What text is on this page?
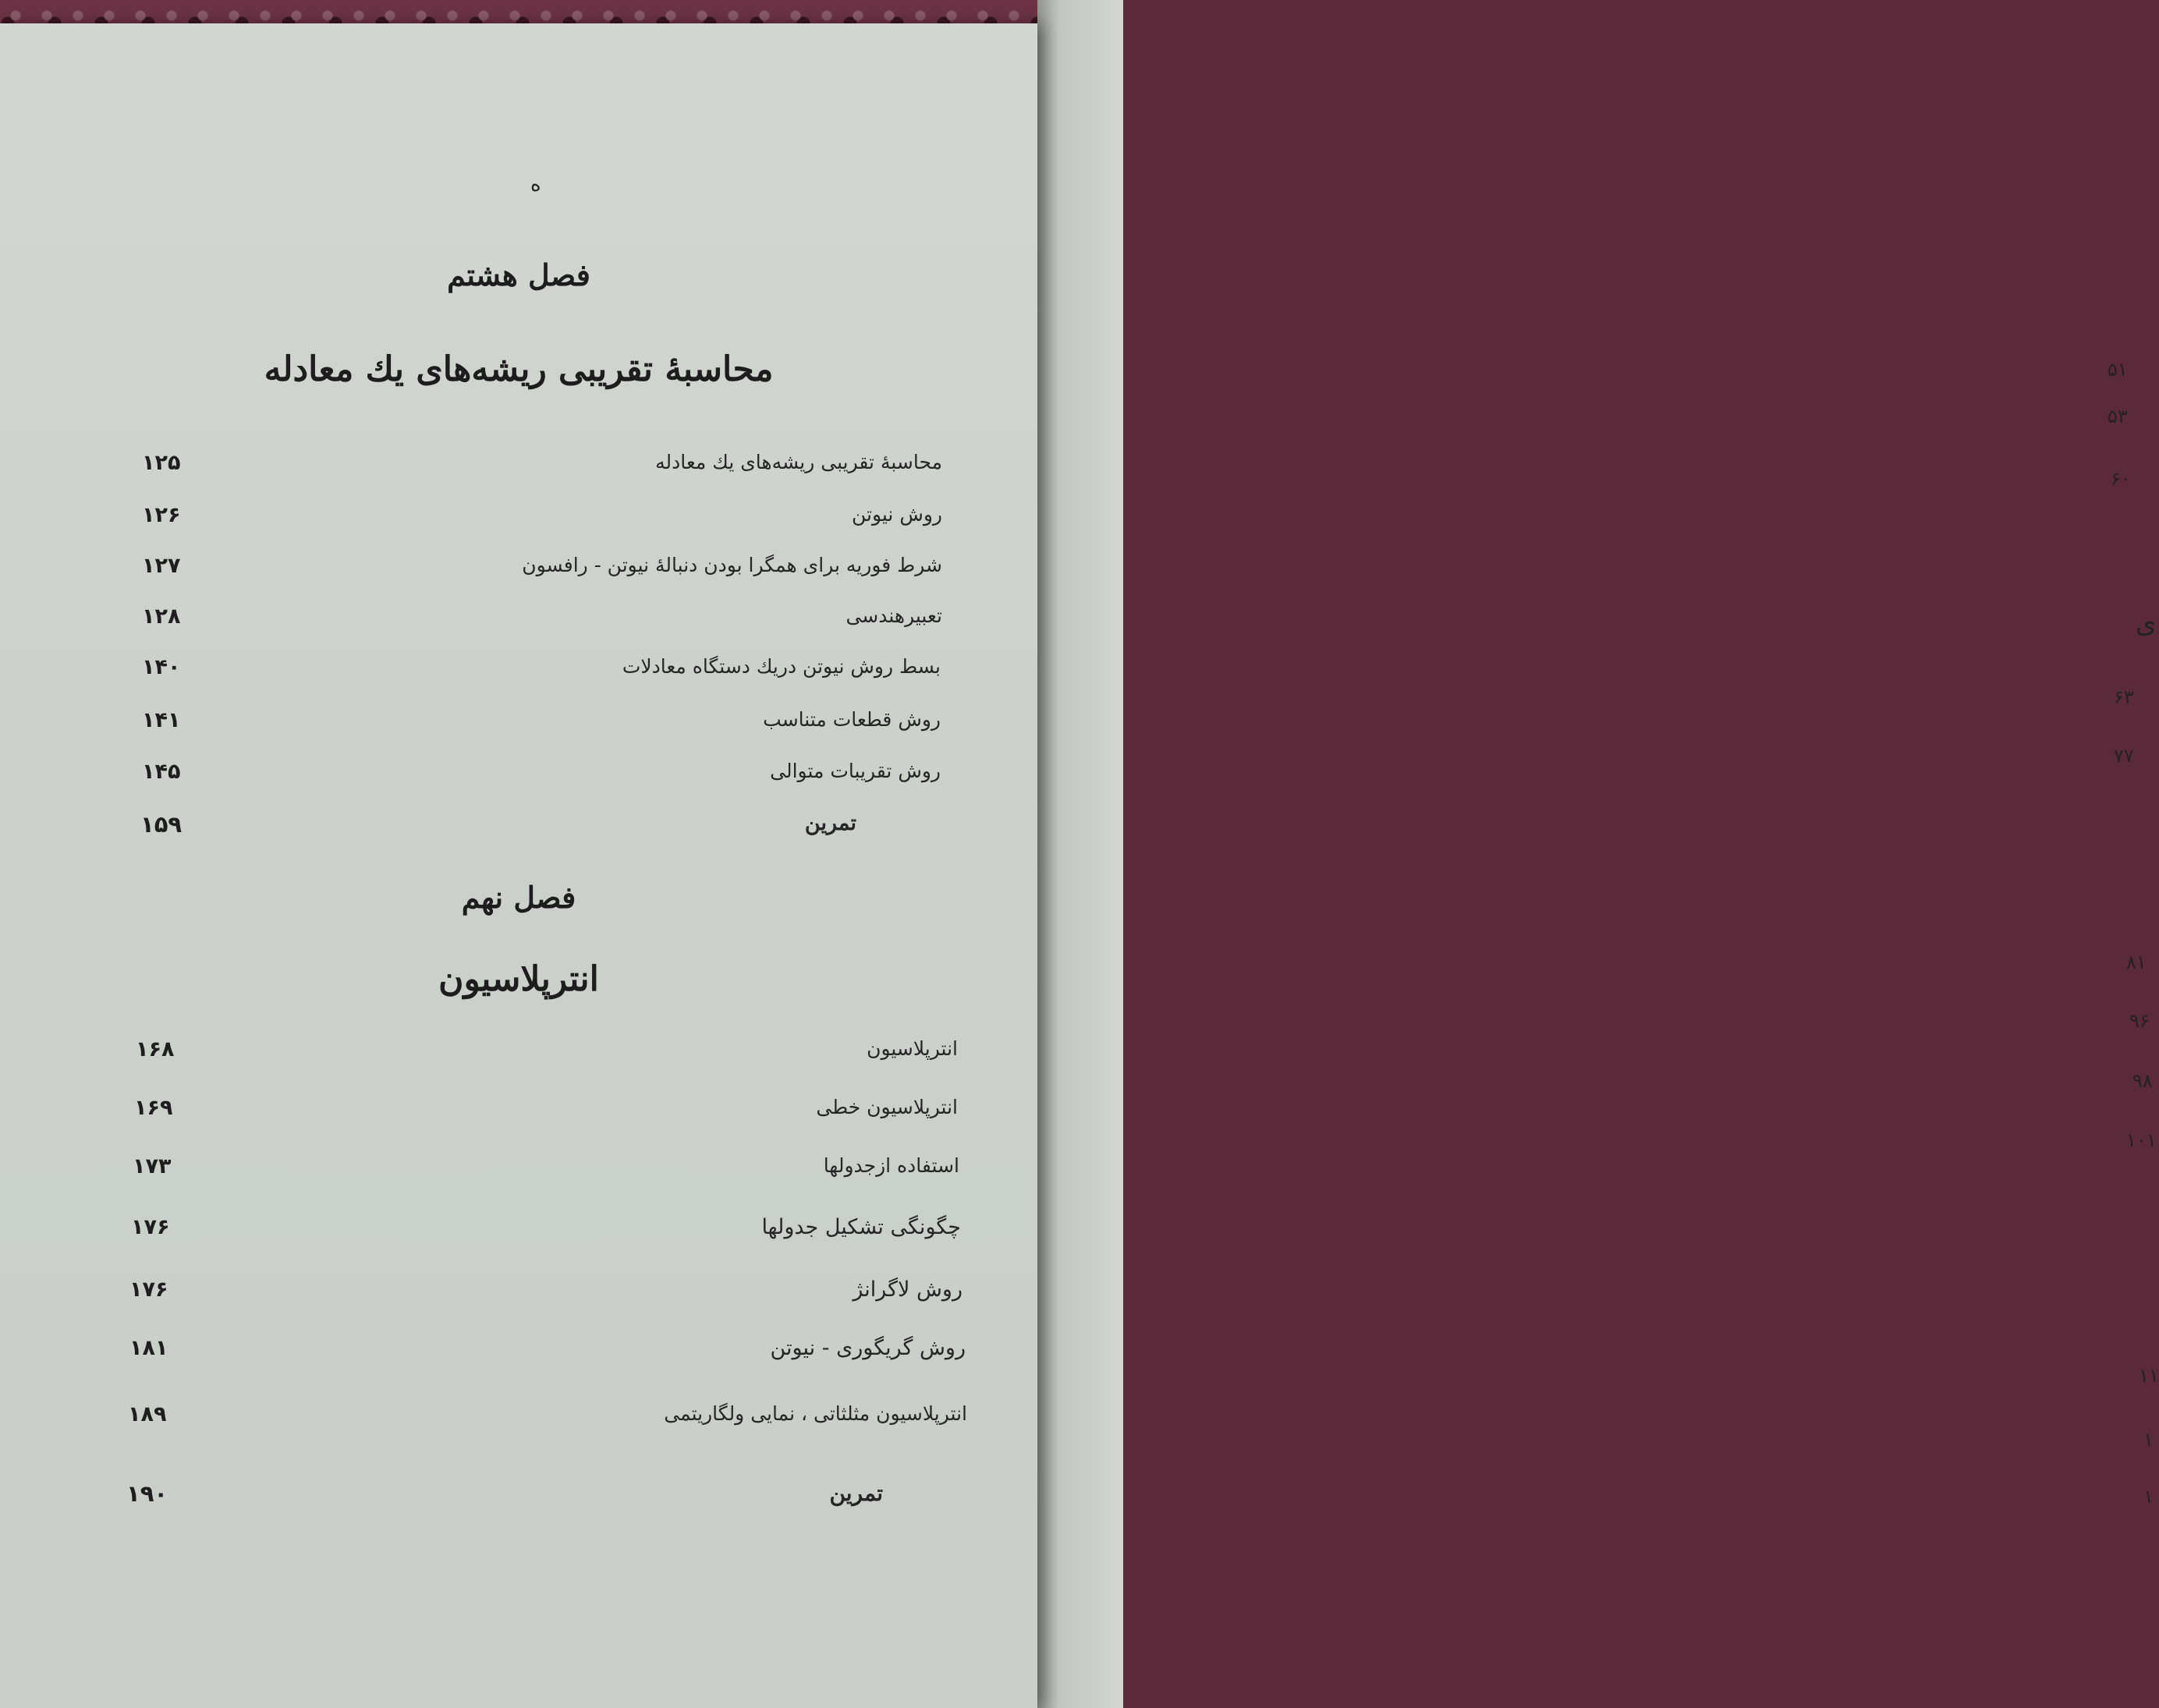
۵۱
۵۳
۶۰
ی
۶۳
۷۷
۸۱
۹۶
۹۸
۱۰۱
۱۱
۱
۱
ه
فصل هشتم
محاسبهٔ تقریبی ریشه‌های یك معادله
محاسبهٔ تقریبی ریشه‌های یك معادله
۱۲۵
روش نیوتن
۱۲۶
شرط فوریه برای همگرا بودن دنبالهٔ نیوتن - رافسون
۱۲۷
تعبیرهندسی
۱۲۸
بسط روش نیوتن دریك دستگاه معادلات
۱۴۰
روش قطعات متناسب
۱۴۱
روش تقریبات متوالی
۱۴۵
تمرین
۱۵۹
فصل نهم
انترپلاسیون
انترپلاسیون
۱۶۸
انترپلاسیون خطی
۱۶۹
استفاده ازجدولها
۱۷۳
چگونگی تشکیل جدولها
۱۷۶
روش لاگرانژ
۱۷۶
روش گریگوری - نیوتن
۱۸۱
انترپلاسیون مثلثاتی ، نمایی ولگاریتمی
۱۸۹
تمرین
۱۹۰
